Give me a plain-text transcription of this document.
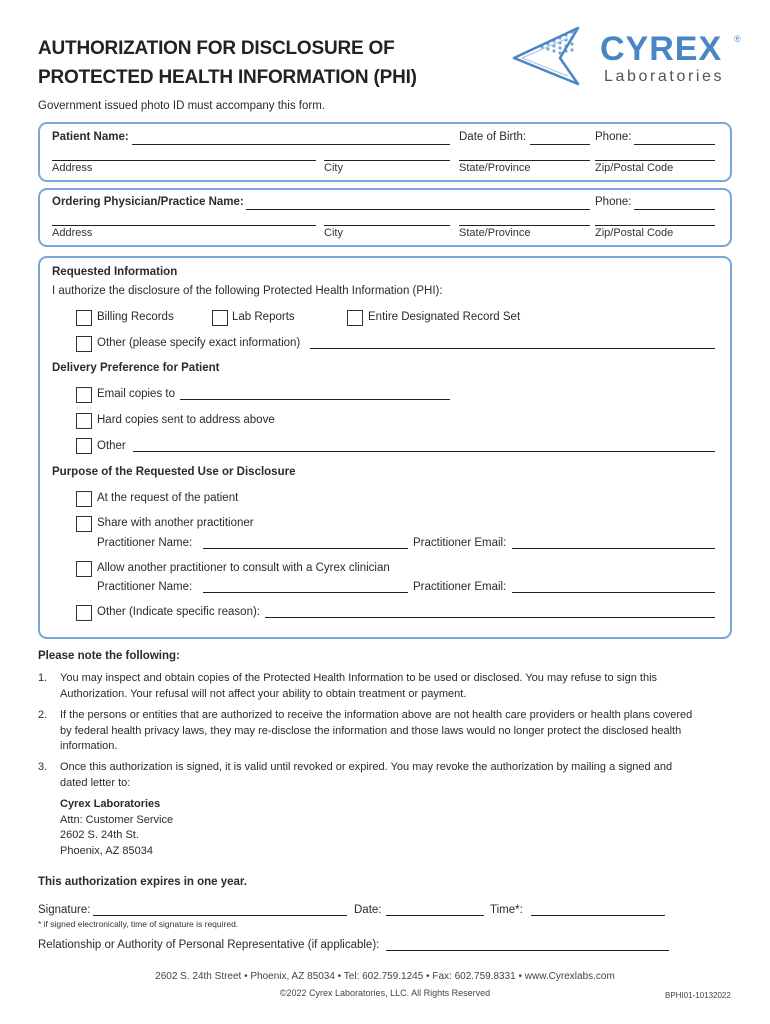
AUTHORIZATION FOR DISCLOSURE OF
PROTECTED HEALTH INFORMATION (PHI)
Government issued photo ID must accompany this form.
CYREX ®
Laboratories
Patient Name:	Date of Birth:	Phone:
Address	City	State/Province	Zip/Postal Code
Ordering Physician/Practice Name:	Phone:
Address	City	State/Province	Zip/Postal Code
Requested Information
I authorize the disclosure of the following Protected Health Information (PHI):
Billing Records	Lab Reports	Entire Designated Record Set
Other (please specify exact information)
Delivery Preference for Patient
Email copies to
Hard copies sent to address above
Other
Purpose of the Requested Use or Disclosure
At the request of the patient
Share with another practitioner
Practitioner Name:	Practitioner Email:
Allow another practitioner to consult with a Cyrex clinician
Practitioner Name:	Practitioner Email:
Other (Indicate specific reason):
Please note the following:
1. You may inspect and obtain copies of the Protected Health Information to be used or disclosed. You may refuse to sign this
Authorization. Your refusal will not affect your ability to obtain treatment or payment.
2. If the persons or entities that are authorized to receive the information above are not health care providers or health plans covered
by federal health privacy laws, they may re-disclose the information and those laws would no longer protect the disclosed health
information.
3. Once this authorization is signed, it is valid until revoked or expired. You may revoke the authorization by mailing a signed and
dated letter to:
Cyrex Laboratories
Attn: Customer Service
2602 S. 24th St.
Phoenix, AZ 85034
This authorization expires in one year.
Signature:	Date:	Time*:
* if signed electronically, time of signature is required.
Relationship or Authority of Personal Representative (if applicable):
2602 S. 24th Street • Phoenix, AZ 85034 • Tel: 602.759.1245 • Fax: 602.759.8331 • www.Cyrexlabs.com
©2022 Cyrex Laboratories, LLC. All Rights Reserved	BPHI01-10132022
